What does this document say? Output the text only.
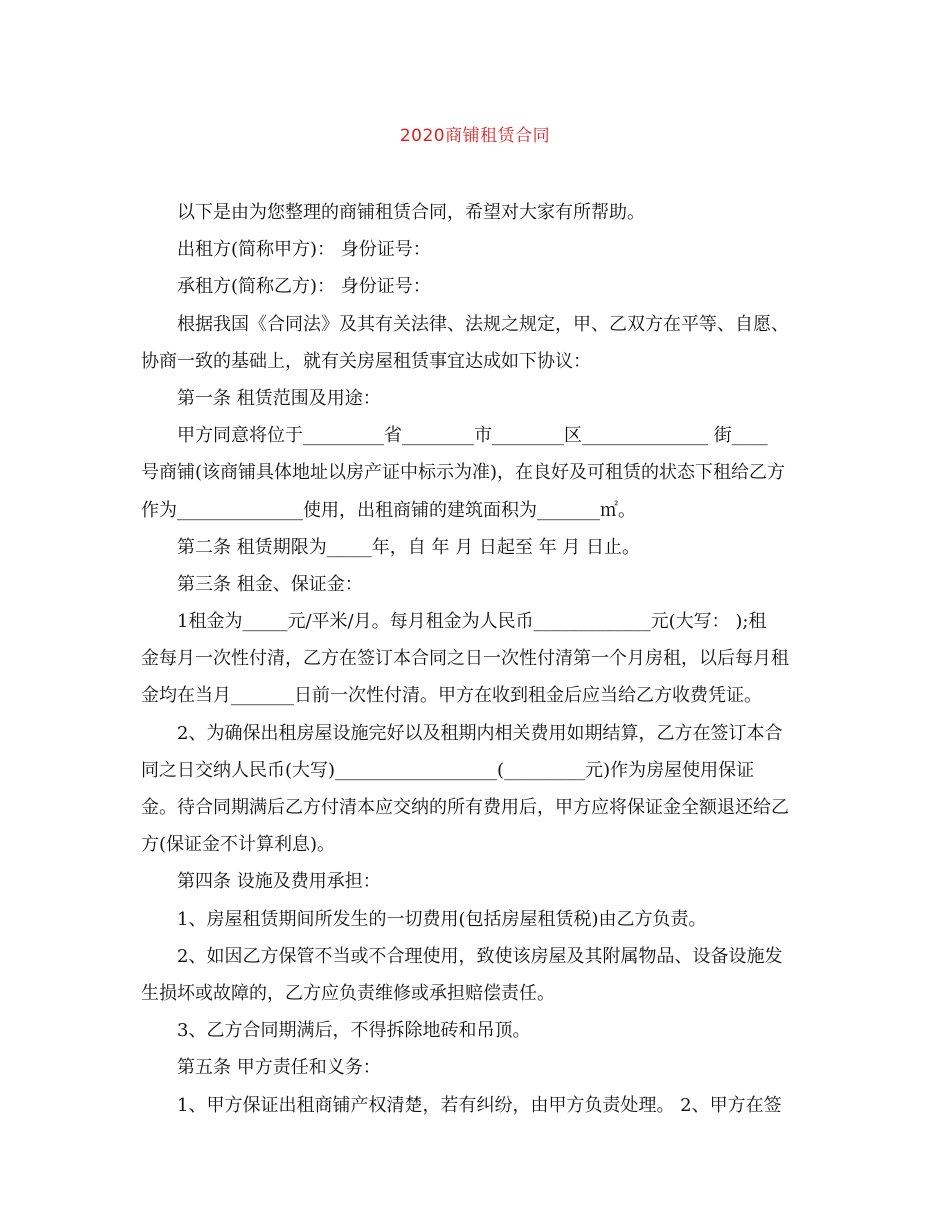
2020商铺租赁合同
以下是由为您整理的商铺租赁合同，希望对大家有所帮助。
出租方(简称甲方)： 身份证号：
承租方(简称乙方)： 身份证号：
根据我国《合同法》及其有关法律、法规之规定，甲、乙双方在平等、自愿、
协商一致的基础上，就有关房屋租赁事宜达成如下协议：
第一条 租赁范围及用途：
甲方同意将位于_________省________市________区______________ 街____
号商铺(该商铺具体地址以房产证中标示为准)，在良好及可租赁的状态下租给乙方
作为______________使用，出租商铺的建筑面积为_______㎡。
第二条 租赁期限为_____年，自 年 月 日起至 年 月 日止。
第三条 租金、保证金：
1租金为_____元/平米/月。每月租金为人民币_____________元(大写： );租
金每月一次性付清，乙方在签订本合同之日一次性付清第一个月房租，以后每月租
金均在当月_______日前一次性付清。甲方在收到租金后应当给乙方收费凭证。
2、为确保出租房屋设施完好以及租期内相关费用如期结算，乙方在签订本合
同之日交纳人民币(大写)__________________(_________元)作为房屋使用保证
金。待合同期满后乙方付清本应交纳的所有费用后，甲方应将保证金全额退还给乙
方(保证金不计算利息)。
第四条 设施及费用承担：
1、房屋租赁期间所发生的一切费用(包括房屋租赁税)由乙方负责。
2、如因乙方保管不当或不合理使用，致使该房屋及其附属物品、设备设施发
生损坏或故障的，乙方应负责维修或承担赔偿责任。
3、乙方合同期满后，不得拆除地砖和吊顶。
第五条 甲方责任和义务：
1、甲方保证出租商铺产权清楚，若有纠纷，由甲方负责处理。 2、甲方在签
